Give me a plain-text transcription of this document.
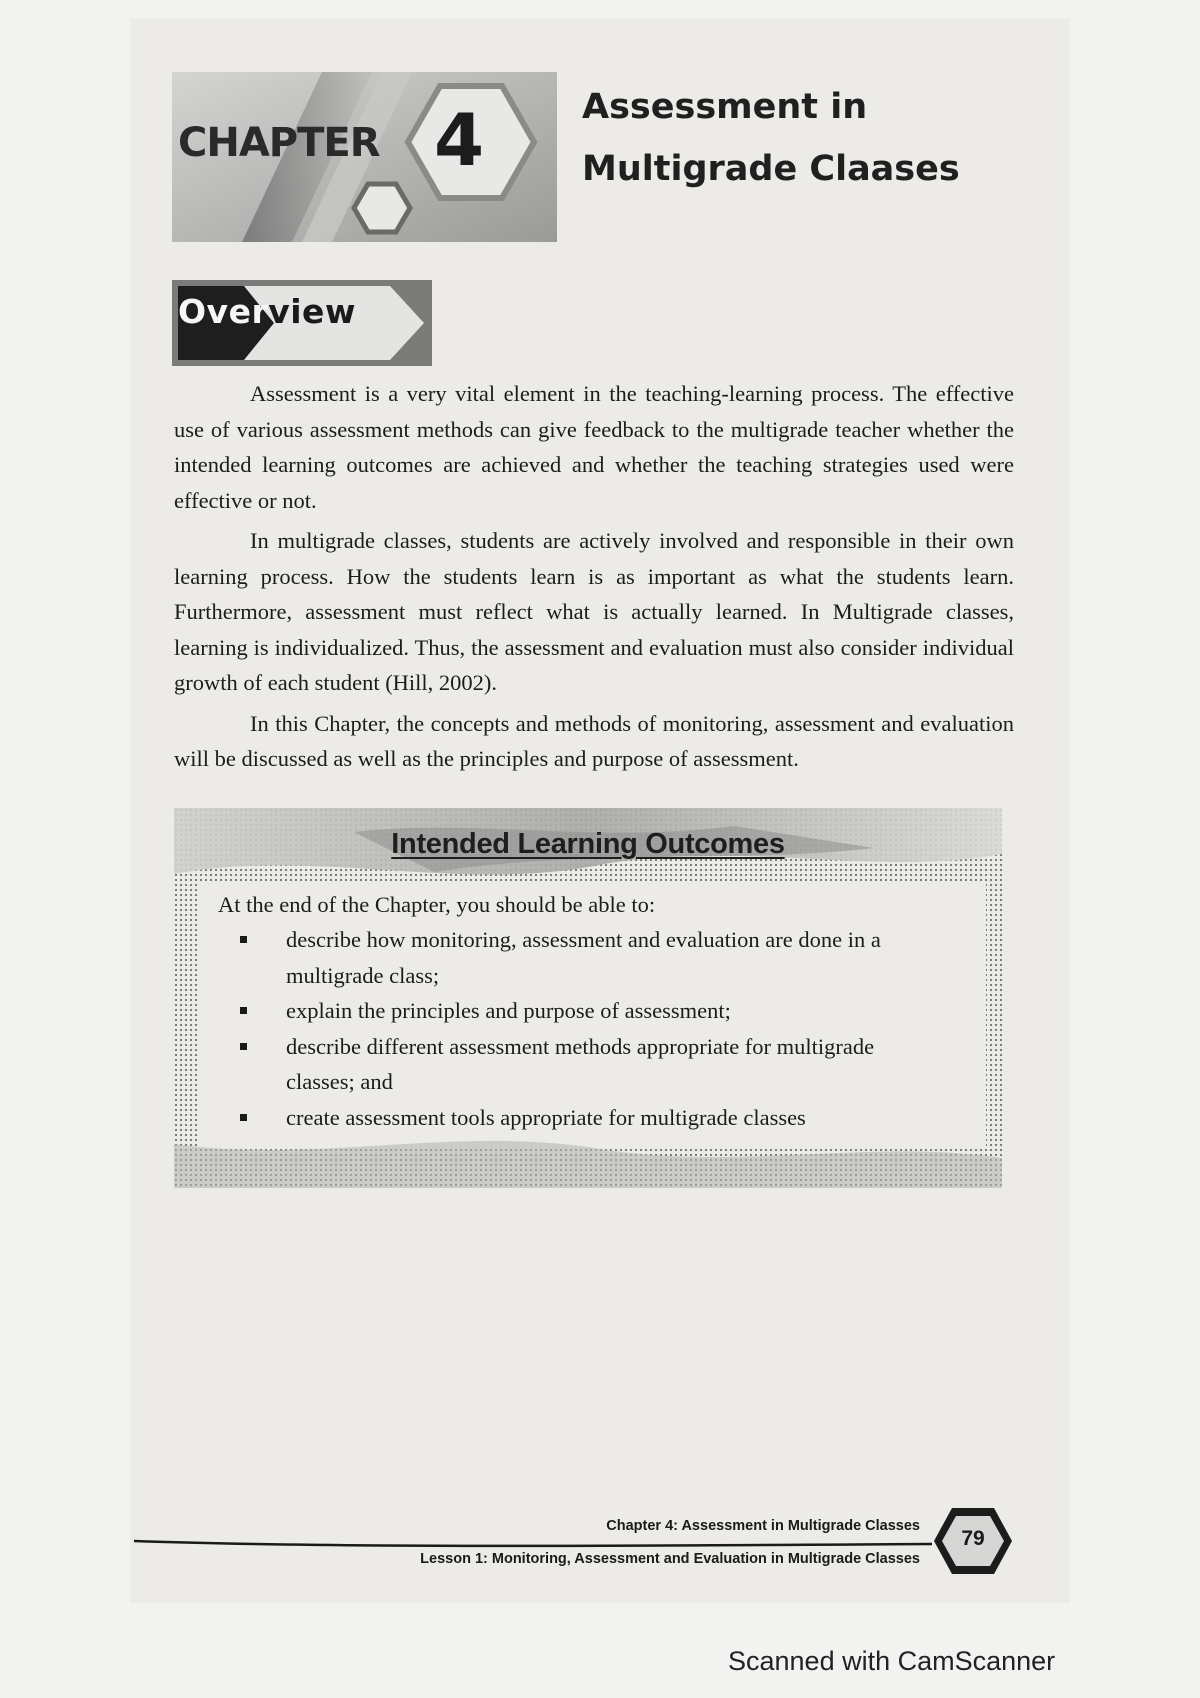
CHAPTER 4	Assessment in
Multigrade Claases
Overview

Assessment is a very vital element in the teaching-learning process. The effective use of various assessment methods can give feedback to the multigrade teacher whether the intended learning outcomes are achieved and whether the teaching strategies used were effective or not.

In multigrade classes, students are actively involved and responsible in their own learning process. How the students learn is as important as what the students learn. Furthermore, assessment must reflect what is actually learned. In Multigrade classes, learning is individualized. Thus, the assessment and evaluation must also consider individual growth of each student (Hill, 2002).

In this Chapter, the concepts and methods of monitoring, assessment and evaluation will be discussed as well as the principles and purpose of assessment.

Intended Learning Outcomes
At the end of the Chapter, you should be able to:
describe how monitoring, assessment and evaluation are done in a multigrade class;
explain the principles and purpose of assessment;
describe different assessment methods appropriate for multigrade classes; and
create assessment tools appropriate for multigrade classes
Chapter 4: Assessment in Multigrade Classes
Lesson 1: Monitoring, Assessment and Evaluation in Multigrade Classes
79
Scanned with CamScanner
